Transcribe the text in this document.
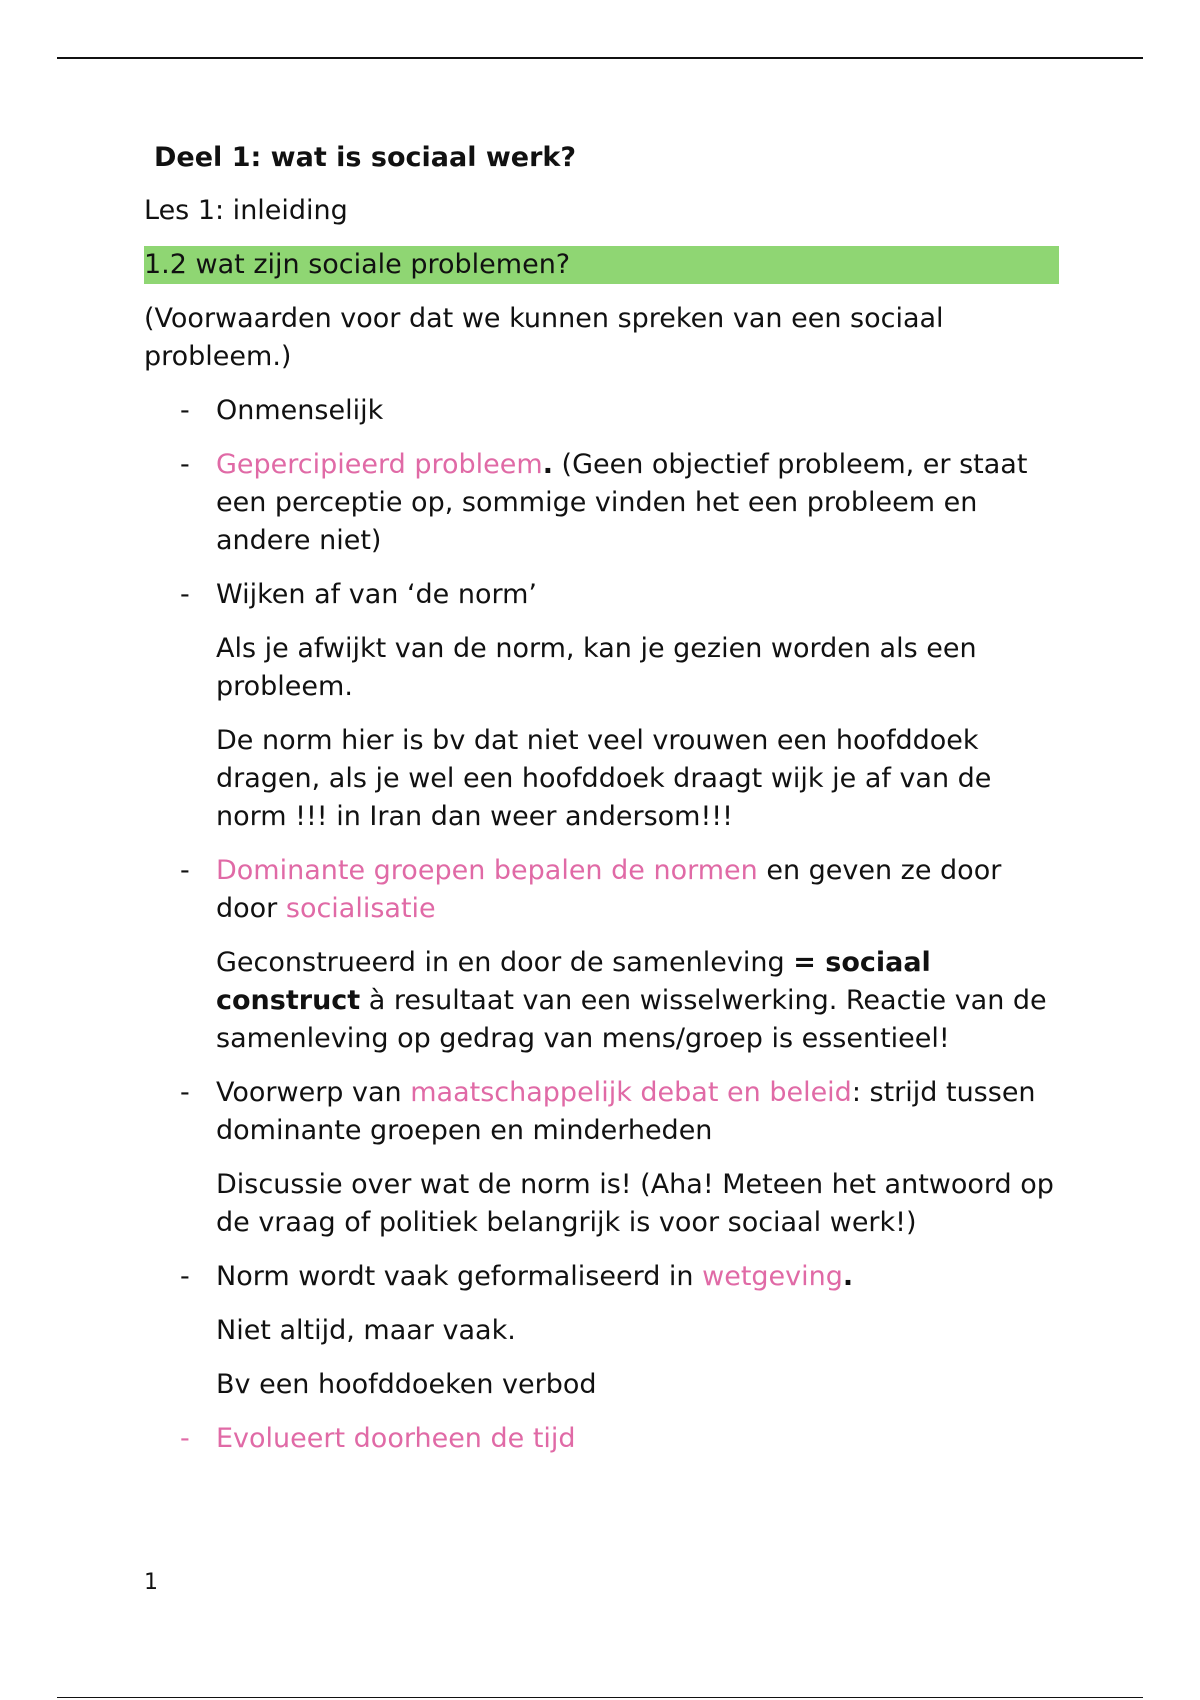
Deel 1: wat is sociaal werk?
Les 1: inleiding
1.2 wat zijn sociale problemen?
(Voorwaarden voor dat we kunnen spreken van een sociaal probleem.)
- Onmenselijk
- Gepercipieerd probleem. (Geen objectief probleem, er staat een perceptie op, sommige vinden het een probleem en andere niet)
- Wijken af van ‘de norm’
Als je afwijkt van de norm, kan je gezien worden als een probleem.
De norm hier is bv dat niet veel vrouwen een hoofddoek dragen, als je wel een hoofddoek draagt wijk je af van de norm !!! in Iran dan weer andersom!!!
- Dominante groepen bepalen de normen en geven ze door door socialisatie
Geconstrueerd in en door de samenleving = sociaal construct à resultaat van een wisselwerking. Reactie van de samenleving op gedrag van mens/groep is essentieel!
- Voorwerp van maatschappelijk debat en beleid: strijd tussen dominante groepen en minderheden
Discussie over wat de norm is! (Aha! Meteen het antwoord op de vraag of politiek belangrijk is voor sociaal werk!)
- Norm wordt vaak geformaliseerd in wetgeving.
Niet altijd, maar vaak.
Bv een hoofddoeken verbod
- Evolueert doorheen de tijd
1
